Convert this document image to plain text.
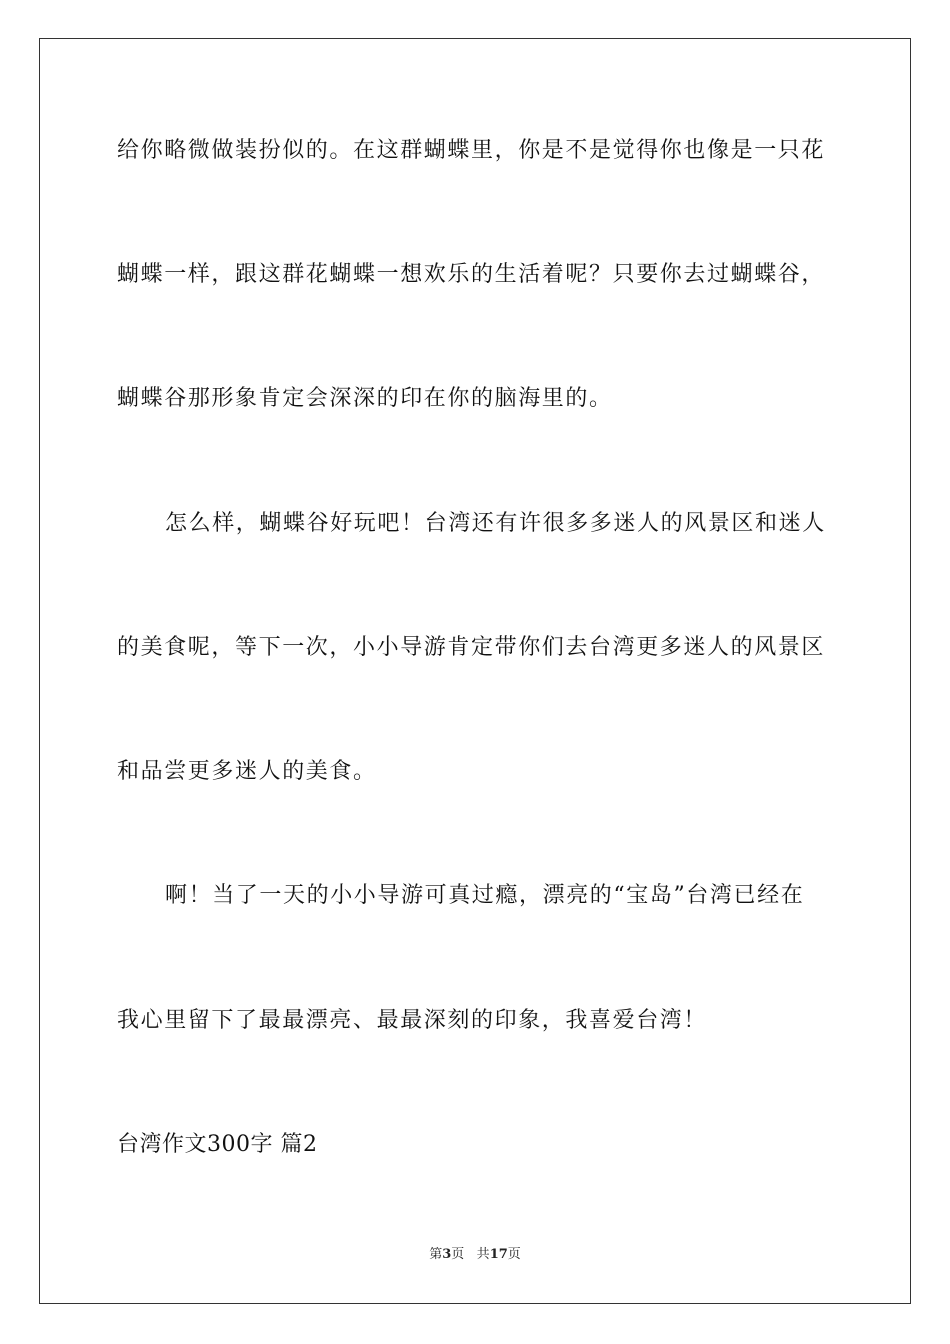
给你略微做装扮似的。在这群蝴蝶里，你是不是觉得你也像是一只花
蝴蝶一样，跟这群花蝴蝶一想欢乐的生活着呢？只要你去过蝴蝶谷，
蝴蝶谷那形象肯定会深深的印在你的脑海里的。
怎么样，蝴蝶谷好玩吧！台湾还有许很多多迷人的风景区和迷人
的美食呢，等下一次，小小导游肯定带你们去台湾更多迷人的风景区
和品尝更多迷人的美食。
啊！当了一天的小小导游可真过瘾，漂亮的“宝岛”台湾已经在
我心里留下了最最漂亮、最最深刻的印象，我喜爱台湾！
台湾作文300字 篇2
第3页 共17页
